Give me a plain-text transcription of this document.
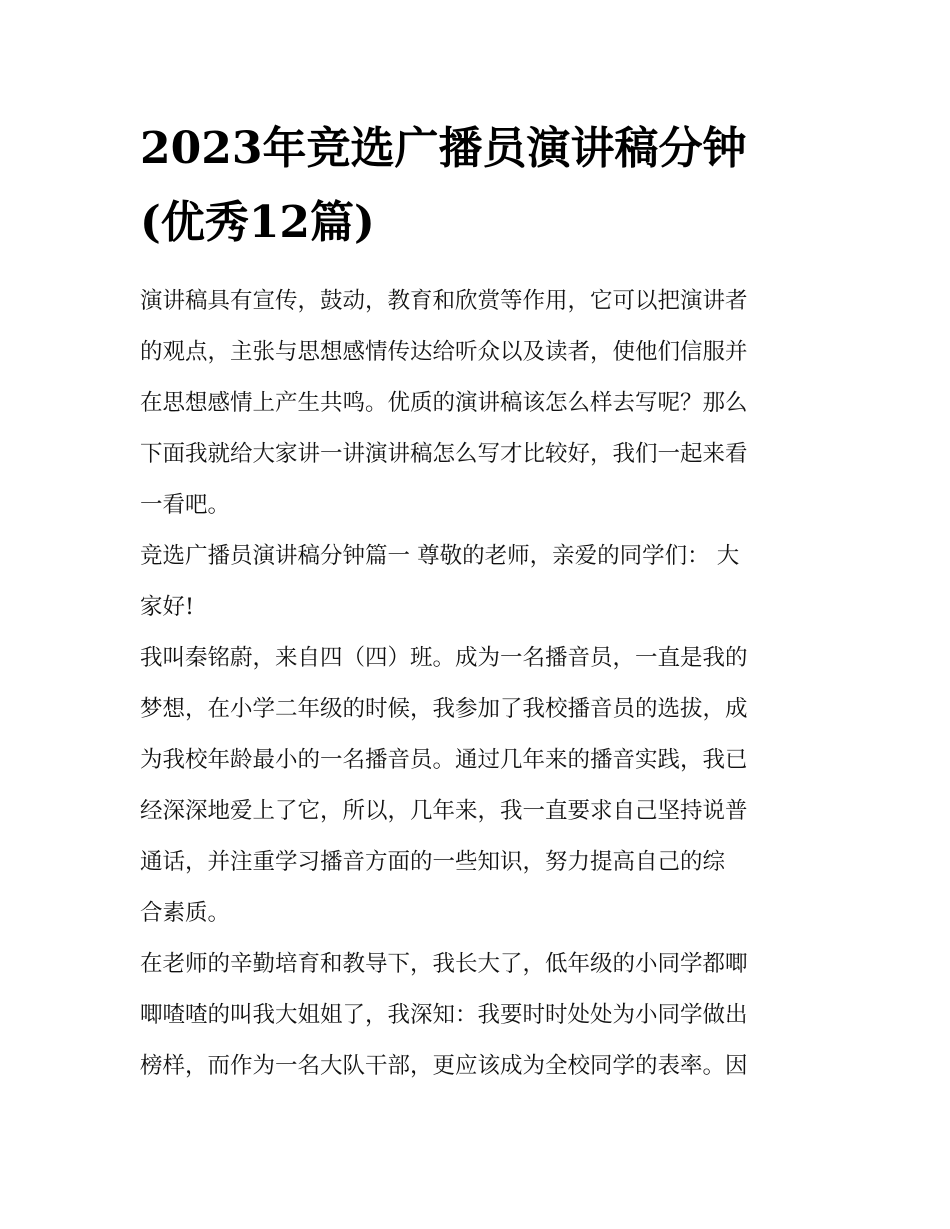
2023年竞选广播员演讲稿分钟
(优秀12篇)

演讲稿具有宣传，鼓动，教育和欣赏等作用，它可以把演讲者
的观点，主张与思想感情传达给听众以及读者，使他们信服并
在思想感情上产生共鸣。优质的演讲稿该怎么样去写呢？那么
下面我就给大家讲一讲演讲稿怎么写才比较好，我们一起来看
一看吧。

竞选广播员演讲稿分钟篇一 尊敬的老师，亲爱的同学们： 大
家好!

我叫秦铭蔚，来自四（四）班。成为一名播音员，一直是我的
梦想，在小学二年级的时候，我参加了我校播音员的选拔，成
为我校年龄最小的一名播音员。通过几年来的播音实践，我已
经深深地爱上了它，所以，几年来，我一直要求自己坚持说普
通话，并注重学习播音方面的一些知识，努力提高自己的综
合素质。

在老师的辛勤培育和教导下，我长大了，低年级的小同学都唧
唧喳喳的叫我大姐姐了，我深知：我要时时处处为小同学做出
榜样，而作为一名大队干部，更应该成为全校同学的表率。因
